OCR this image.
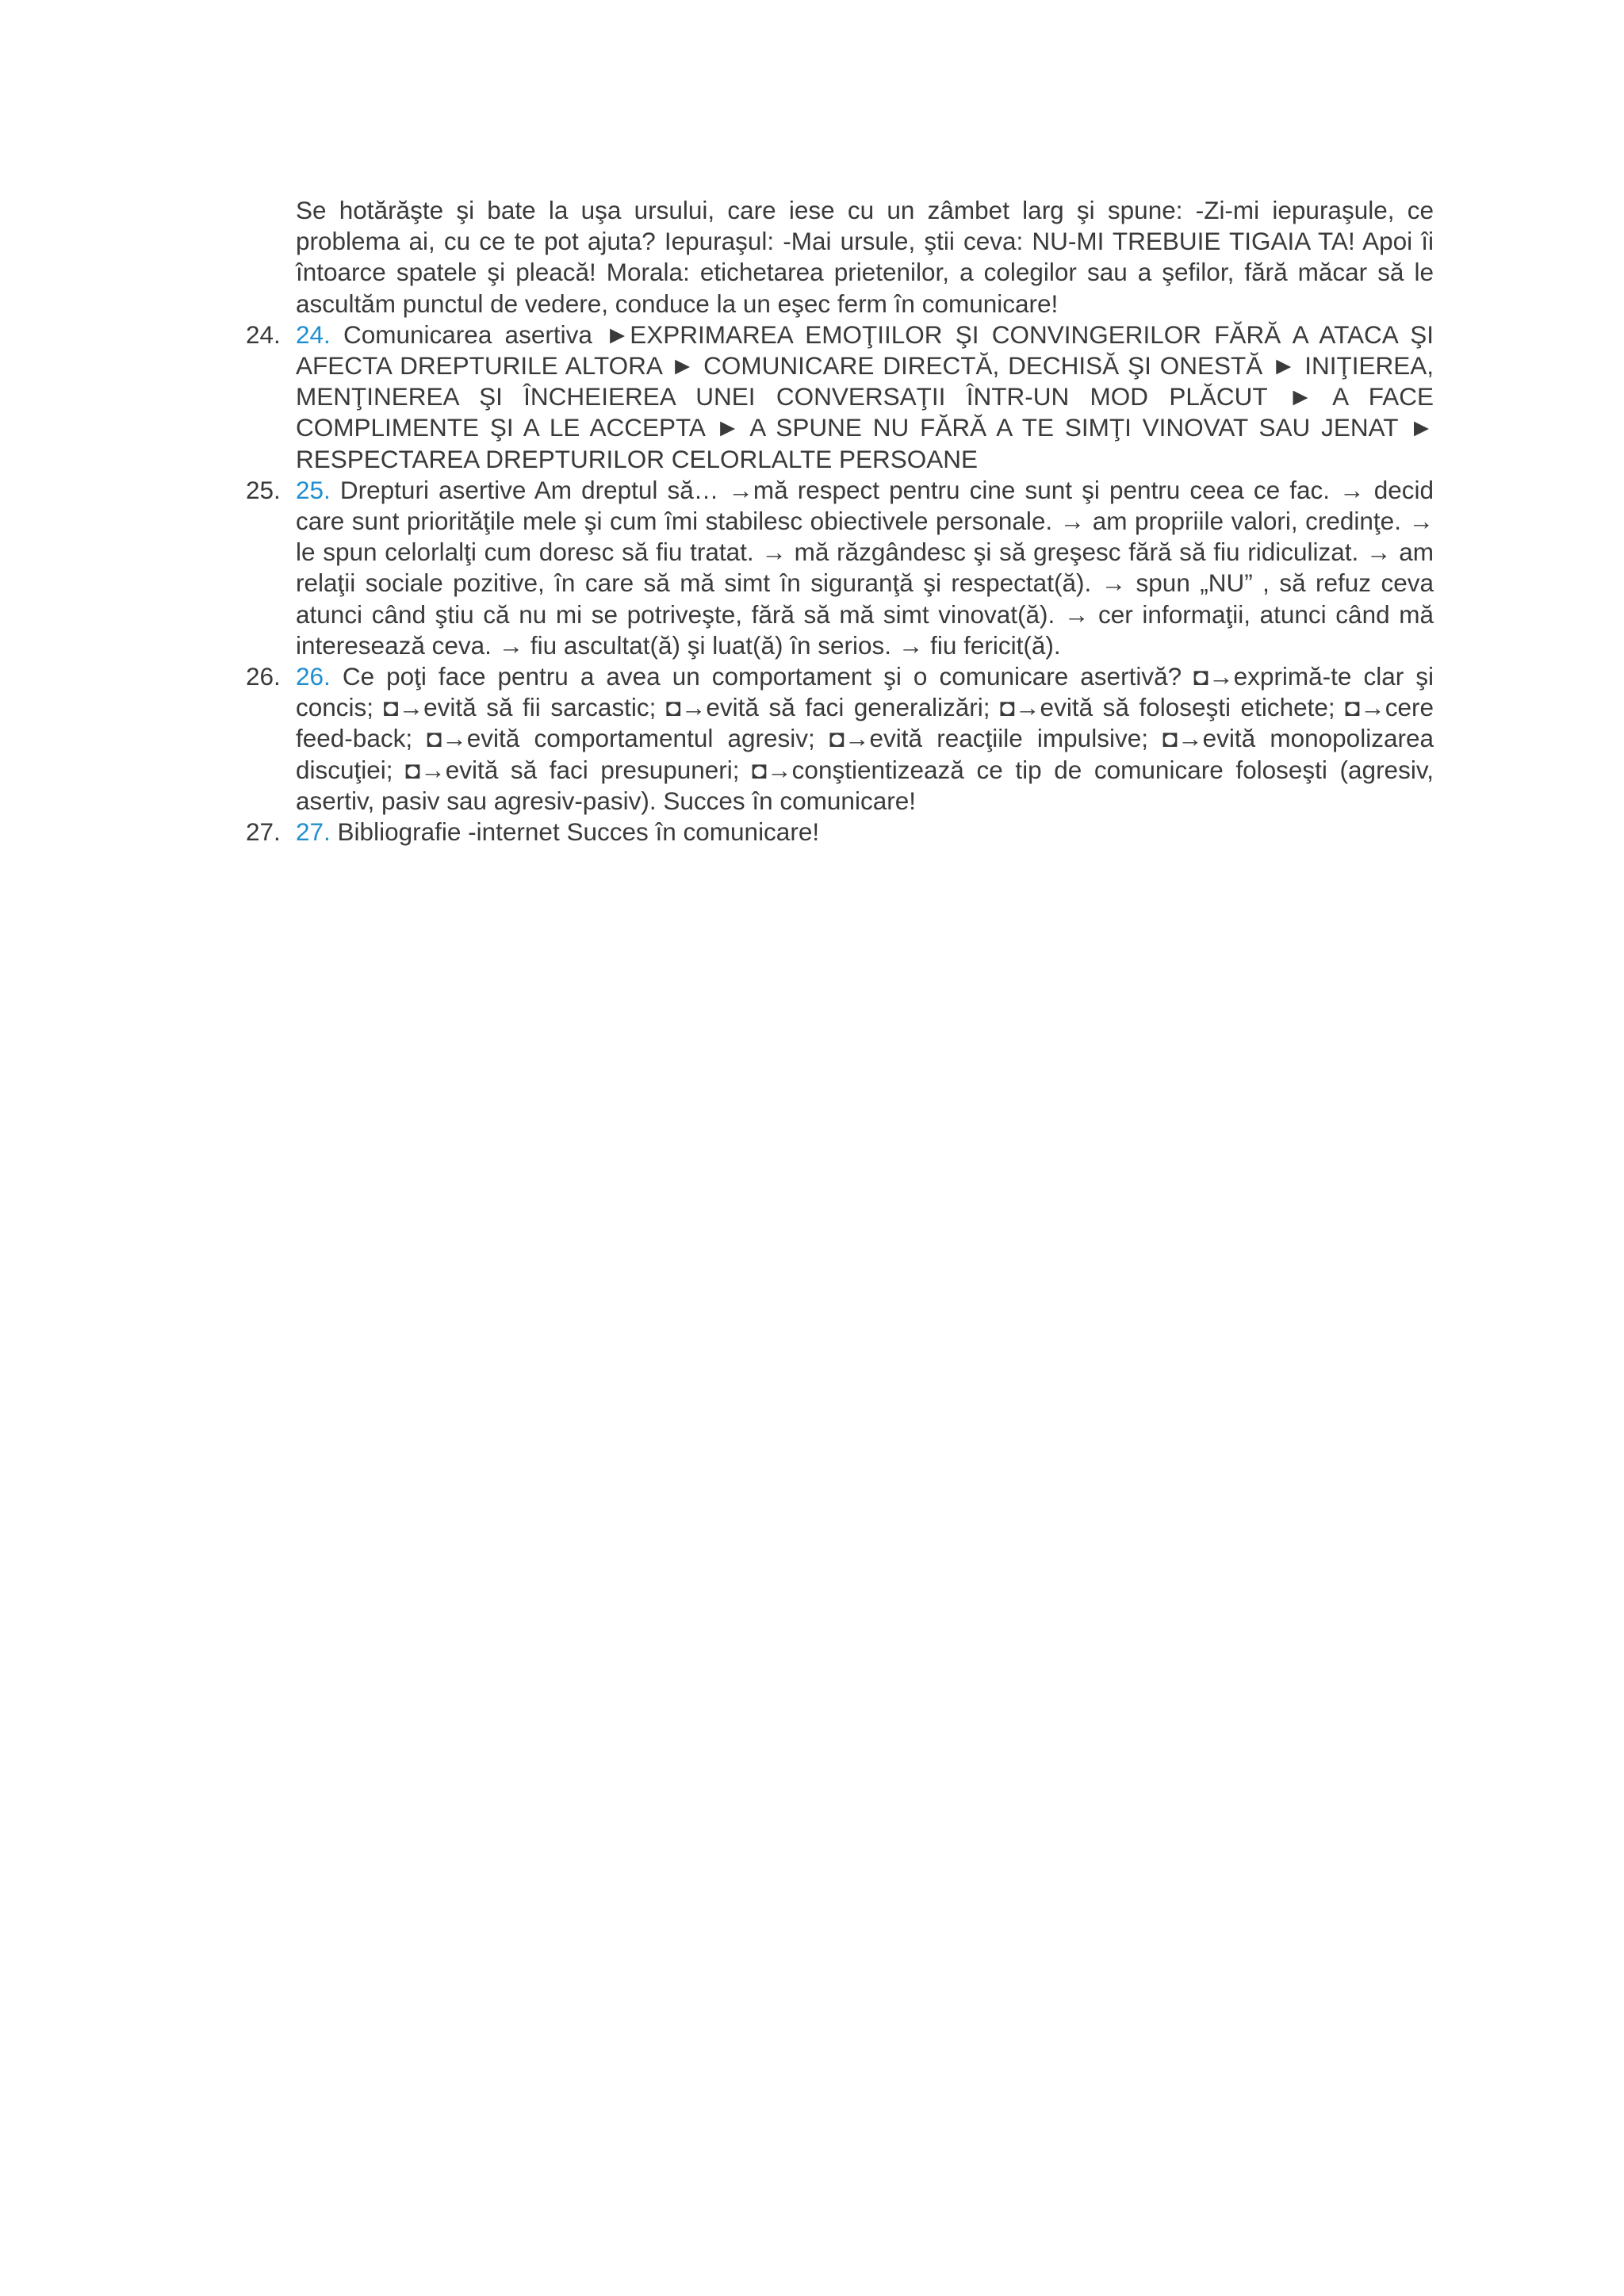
Se hotărăşte şi bate la uşa ursului, care iese cu un zâmbet larg şi spune: -Zi-mi iepuraşule, ce problema ai, cu ce te pot ajuta? Iepuraşul: -Mai ursule, ştii ceva: NU-MI TREBUIE TIGAIA TA! Apoi îi întoarce spatele şi pleacă! Morala: etichetarea prietenilor, a colegilor sau a şefilor, fără măcar să le ascultăm punctul de vedere, conduce la un eşec ferm în comunicare!

24. 24. Comunicarea asertiva ►EXPRIMAREA EMOŢIILOR ŞI CONVINGERILOR FĂRĂ A ATACA ŞI AFECTA DREPTURILE ALTORA ► COMUNICARE DIRECTĂ, DECHISĂ ŞI ONESTĂ ► INIŢIEREA, MENŢINEREA ŞI ÎNCHEIEREA UNEI CONVERSAŢII ÎNTR-UN MOD PLĂCUT ► A FACE COMPLIMENTE ŞI A LE ACCEPTA ► A SPUNE NU FĂRĂ A TE SIMŢI VINOVAT SAU JENAT ► RESPECTAREA DREPTURILOR CELORLALTE PERSOANE
25. 25. Drepturi asertive Am dreptul să… →mă respect pentru cine sunt şi pentru ceea ce fac. → decid care sunt priorităţile mele şi cum îmi stabilesc obiectivele personale. → am propriile valori, credinţe. → le spun celorlalţi cum doresc să fiu tratat. → mă răzgândesc şi să greşesc fără să fiu ridiculizat. → am relaţii sociale pozitive, în care să mă simt în siguranţă şi respectat(ă). → spun „NU” , să refuz ceva atunci când ştiu că nu mi se potriveşte, fără să mă simt vinovat(ă). → cer informaţii, atunci când mă interesează ceva. → fiu ascultat(ă) şi luat(ă) în serios. → fiu fericit(ă).
26. 26. Ce poţi face pentru a avea un comportament şi o comunicare asertivă? ◘→exprimă-te clar şi concis; ◘→evită să fii sarcastic; ◘→evită să faci generalizări; ◘→evită să foloseşti etichete; ◘→cere feed-back; ◘→evită comportamentul agresiv; ◘→evită reacţiile impulsive; ◘→evită monopolizarea discuţiei; ◘→evită să faci presupuneri; ◘→conştientizează ce tip de comunicare foloseşti (agresiv, asertiv, pasiv sau agresiv-pasiv). Succes în comunicare!
27. 27. Bibliografie -internet Succes în comunicare!
